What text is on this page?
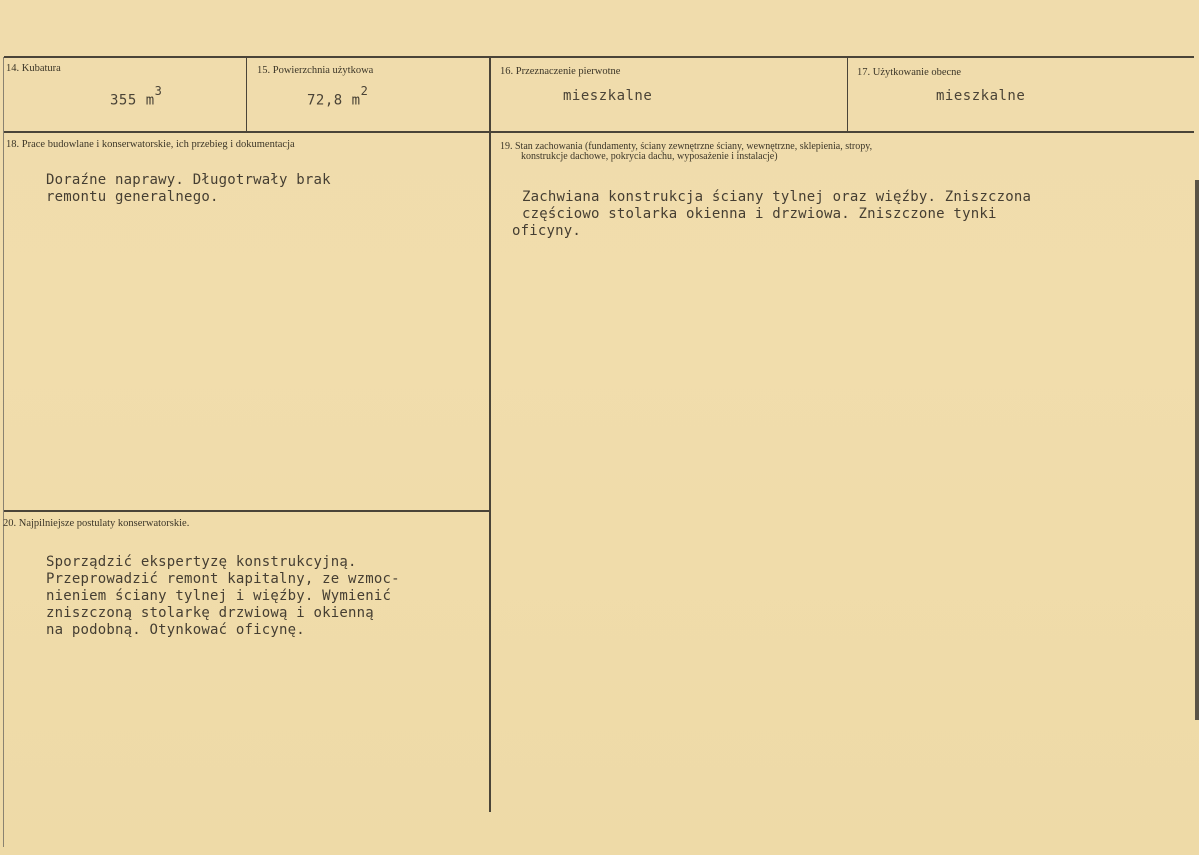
14. Kubatura
355 $m^3$
15. Powierzchnia użytkowa
72,8 $m^2$
16. Przeznaczenie pierwotne
mieszkalne
17. Użytkowanie obecne
mieszkalne
18. Prace budowlane i konserwatorskie, ich przebieg i dokumentacja
Doraźne naprawy. Długotrwały brak
remontu generalnego.
19. Stan zachowania (fundamenty, ściany zewnętrzne ściany, wewnętrzne, sklepienia, stropy,
konstrukcje dachowe, pokrycia dachu, wyposażenie i instalacje)
Zachwiana konstrukcja ściany tylnej oraz więźby. Zniszczona
częściowo stolarka okienna i drzwiowa. Zniszczone tynki
oficyny.
20. Najpilniejsze postulaty konserwatorskie.
Sporządzić ekspertyzę konstrukcyjną.
Przeprowadzić remont kapitalny, ze wzmoc-
nieniem ściany tylnej i więźby. Wymienić
zniszczoną stolarkę drzwiową i okienną
na podobną. Otynkować oficynę.
